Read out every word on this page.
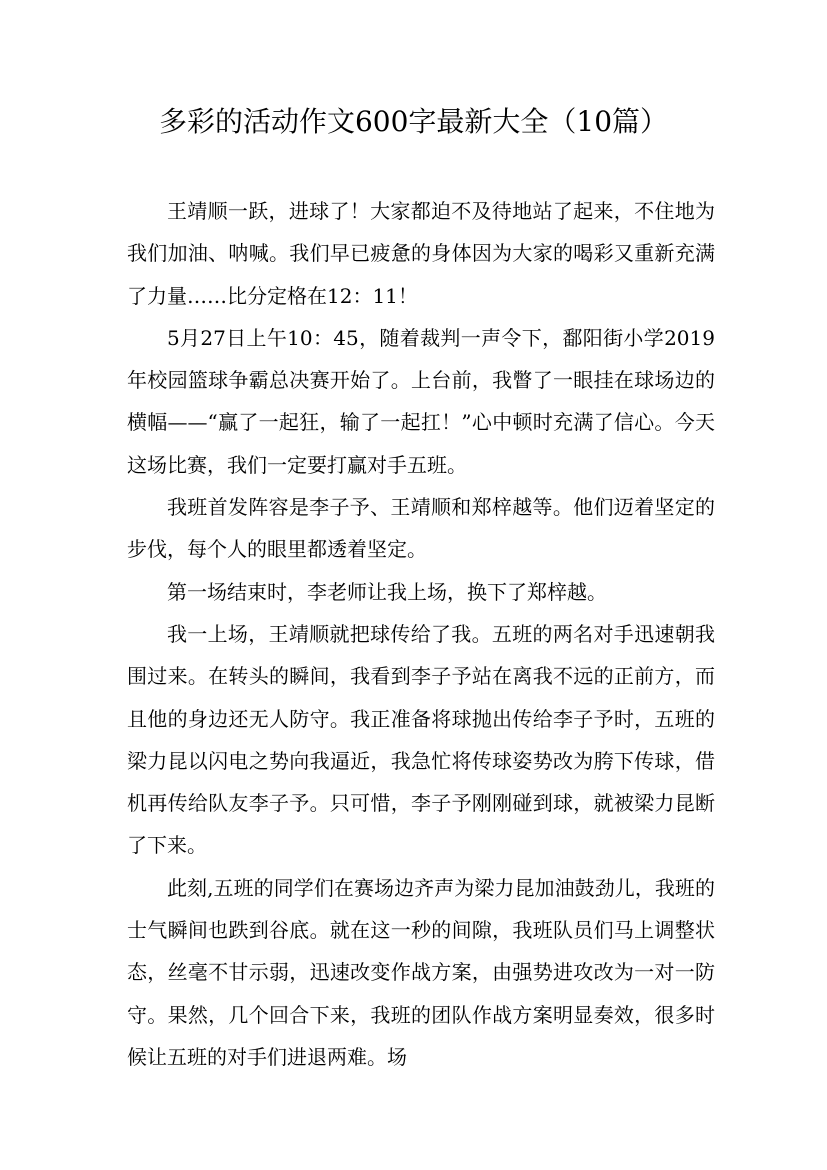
多彩的活动作文600字最新大全（10篇）

王靖顺一跃，进球了！大家都迫不及待地站了起来，不住地为我们加油、呐喊。我们早已疲惫的身体因为大家的喝彩又重新充满了力量……比分定格在12：11！

5月27日上午10：45，随着裁判一声令下，鄱阳街小学2019年校园篮球争霸总决赛开始了。上台前，我瞥了一眼挂在球场边的横幅——“赢了一起狂，输了一起扛！”心中顿时充满了信心。今天这场比赛，我们一定要打赢对手五班。

我班首发阵容是李子予、王靖顺和郑梓越等。他们迈着坚定的步伐，每个人的眼里都透着坚定。

第一场结束时，李老师让我上场，换下了郑梓越。

我一上场，王靖顺就把球传给了我。五班的两名对手迅速朝我围过来。在转头的瞬间，我看到李子予站在离我不远的正前方，而且他的身边还无人防守。我正准备将球抛出传给李子予时，五班的梁力昆以闪电之势向我逼近，我急忙将传球姿势改为胯下传球，借机再传给队友李子予。只可惜，李子予刚刚碰到球，就被梁力昆断了下来。

此刻,五班的同学们在赛场边齐声为梁力昆加油鼓劲儿，我班的士气瞬间也跌到谷底。就在这一秒的间隙，我班队员们马上调整状态，丝毫不甘示弱，迅速改变作战方案，由强势进攻改为一对一防守。果然，几个回合下来，我班的团队作战方案明显奏效，很多时候让五班的对手们进退两难。场
